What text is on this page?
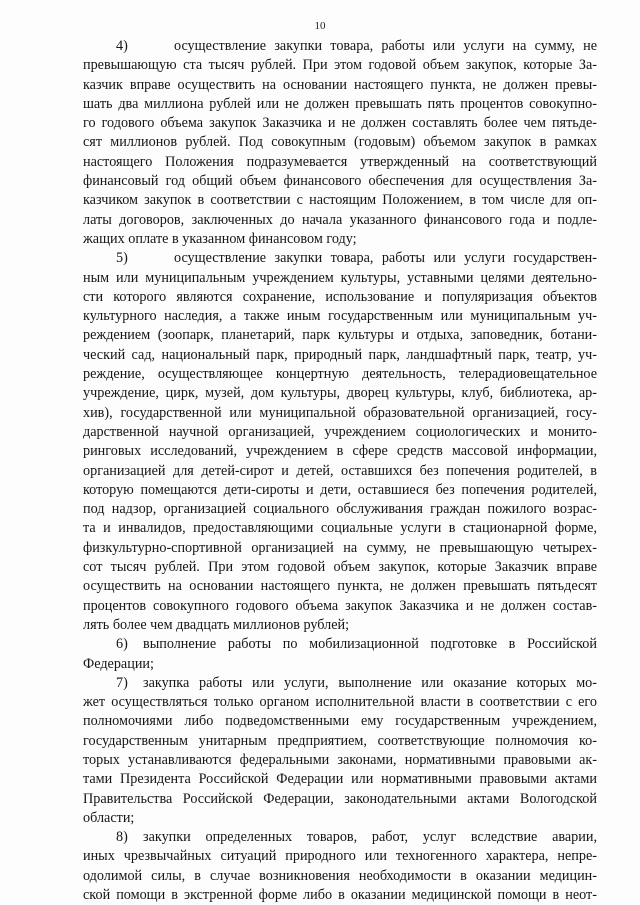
10
4)	осуществление закупки товара, работы или услуги на сумму, не
превышающую ста тысяч рублей. При этом годовой объем закупок, которые За-
казчик вправе осуществить на основании настоящего пункта, не должен превы-
шать два миллиона рублей или не должен превышать пять процентов совокупно-
го годового объема закупок Заказчика и не должен составлять более чем пятьде-
сят миллионов рублей. Под совокупным (годовым) объемом закупок в рамках
настоящего Положения подразумевается утвержденный на соответствующий
финансовый год общий объем финансового обеспечения для осуществления За-
казчиком закупок в соответствии с настоящим Положением, в том числе для оп-
латы договоров, заключенных до начала указанного финансового года и подле-
жащих оплате в указанном финансовом году;
5)	осуществление закупки товара, работы или услуги государствен-
ным или муниципальным учреждением культуры, уставными целями деятельно-
сти которого являются сохранение, использование и популяризация объектов
культурного наследия, а также иным государственным или муниципальным уч-
реждением (зоопарк, планетарий, парк культуры и отдыха, заповедник, ботани-
ческий сад, национальный парк, природный парк, ландшафтный парк, театр, уч-
реждение, осуществляющее концертную деятельность, телерадиовещательное
учреждение, цирк, музей, дом культуры, дворец культуры, клуб, библиотека, ар-
хив), государственной или муниципальной образовательной организацией, госу-
дарственной научной организацией, учреждением социологических и монито-
ринговых исследований, учреждением в сфере средств массовой информации,
организацией для детей-сирот и детей, оставшихся без попечения родителей, в
которую помещаются дети-сироты и дети, оставшиеся без попечения родителей,
под надзор, организацией социального обслуживания граждан пожилого возрас-
та и инвалидов, предоставляющими социальные услуги в стационарной форме,
физкультурно-спортивной организацией на сумму, не превышающую четырех-
сот тысяч рублей. При этом годовой объем закупок, которые Заказчик вправе
осуществить на основании настоящего пункта, не должен превышать пятьдесят
процентов совокупного годового объема закупок Заказчика и не должен состав-
лять более чем двадцать миллионов рублей;
6)	выполнение работы по мобилизационной подготовке в Российской
Федерации;
7)	закупка работы или услуги, выполнение или оказание которых мо-
жет осуществляться только органом исполнительной власти в соответствии с его
полномочиями либо подведомственными ему государственным учреждением,
государственным унитарным предприятием, соответствующие полномочия ко-
торых устанавливаются федеральными законами, нормативными правовыми ак-
тами Президента Российской Федерации или нормативными правовыми актами
Правительства Российской Федерации, законодательными актами Вологодской
области;
8)	закупки определенных товаров, работ, услуг вследствие аварии,
иных чрезвычайных ситуаций природного или техногенного характера, непре-
одолимой силы, в случае возникновения необходимости в оказании медицин-
ской помощи в экстренной форме либо в оказании медицинской помощи в неот-
